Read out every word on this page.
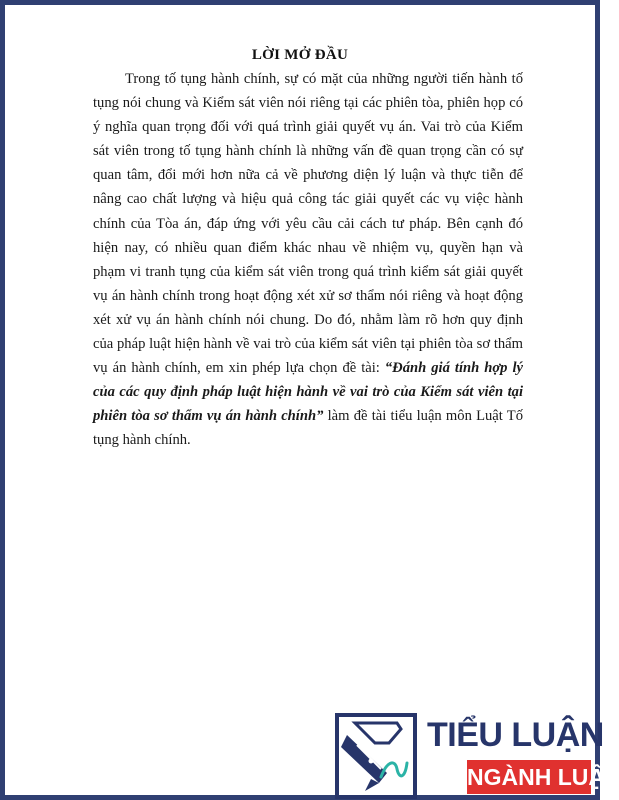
LỜI MỞ ĐẦU
Trong tố tụng hành chính, sự có mặt của những người tiến hành tố tụng nói chung và Kiểm sát viên nói riêng tại các phiên tòa, phiên họp có ý nghĩa quan trọng đối với quá trình giải quyết vụ án. Vai trò của Kiểm sát viên trong tố tụng hành chính là những vấn đề quan trọng cần có sự quan tâm, đổi mới hơn nữa cả về phương diện lý luận và thực tiễn để nâng cao chất lượng và hiệu quả công tác giải quyết các vụ việc hành chính của Tòa án, đáp ứng với yêu cầu cải cách tư pháp. Bên cạnh đó hiện nay, có nhiều quan điểm khác nhau về nhiệm vụ, quyền hạn và phạm vi tranh tụng của kiểm sát viên trong quá trình kiểm sát giải quyết vụ án hành chính trong hoạt động xét xử sơ thẩm nói riêng và hoạt động xét xử vụ án hành chính nói chung. Do đó, nhằm làm rõ hơn quy định của pháp luật hiện hành về vai trò của kiểm sát viên tại phiên tòa sơ thẩm vụ án hành chính, em xin phép lựa chọn đề tài: “Đánh giá tính hợp lý của các quy định pháp luật hiện hành về vai trò của Kiểm sát viên tại phiên tòa sơ thẩm vụ án hành chính” làm đề tài tiểu luận môn Luật Tố tụng hành chính.
TIỂU LUẬN
NGÀNH LUẬT
